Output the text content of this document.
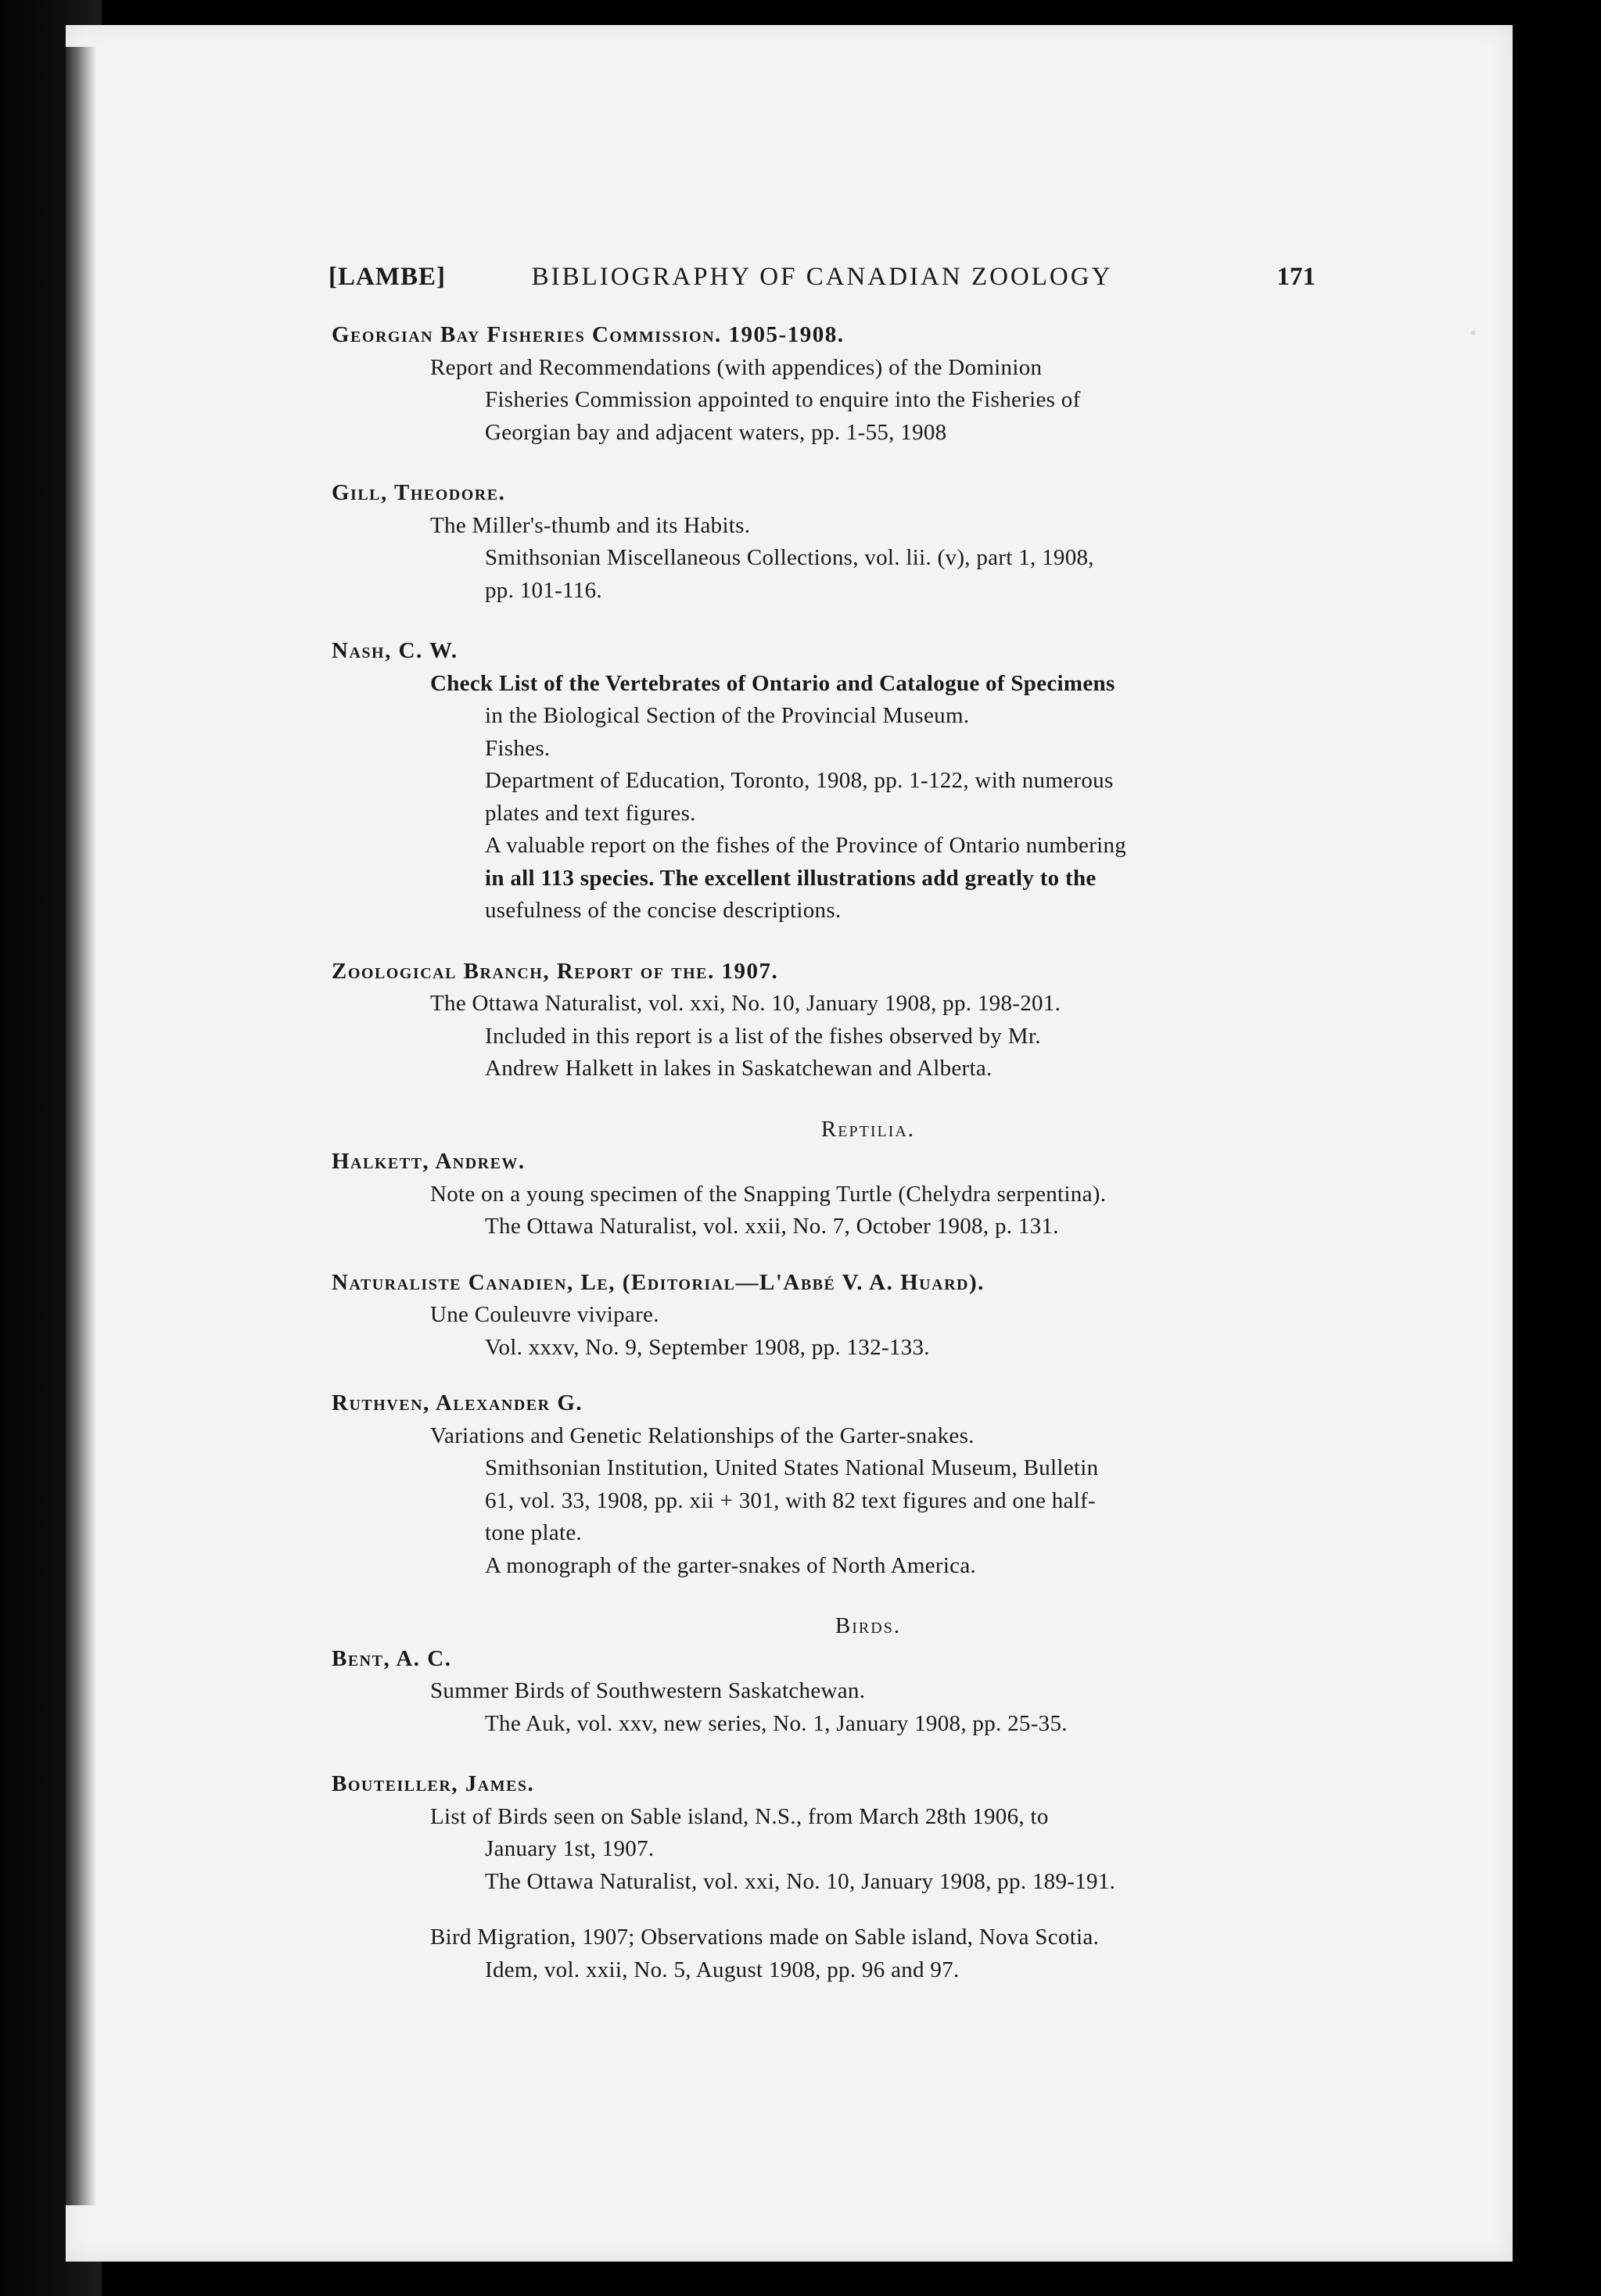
•
[LAMBE]	BIBLIOGRAPHY OF CANADIAN ZOOLOGY	171
Georgian Bay Fisheries Commission. 1905-1908.
Report and Recommendations (with appendices) of the Dominion
Fisheries Commission appointed to enquire into the Fisheries of
Georgian bay and adjacent waters, pp. 1-55, 1908
Gill, Theodore.
The Miller's-thumb and its Habits.
Smithsonian Miscellaneous Collections, vol. lii. (v), part 1, 1908,
pp. 101-116.
Nash, C. W.
Check List of the Vertebrates of Ontario and Catalogue of Specimens
in the Biological Section of the Provincial Museum.
Fishes.
Department of Education, Toronto, 1908, pp. 1-122, with numerous
plates and text figures.
A valuable report on the fishes of the Province of Ontario numbering
in all 113 species. The excellent illustrations add greatly to the
usefulness of the concise descriptions.
Zoological Branch, Report of the. 1907.
The Ottawa Naturalist, vol. xxi, No. 10, January 1908, pp. 198-201.
Included in this report is a list of the fishes observed by Mr.
Andrew Halkett in lakes in Saskatchewan and Alberta.
Reptilia.
Halkett, Andrew.
Note on a young specimen of the Snapping Turtle (Chelydra serpentina).
The Ottawa Naturalist, vol. xxii, No. 7, October 1908, p. 131.
Naturaliste Canadien, Le, (Editorial—L'Abbé V. A. Huard).
Une Couleuvre vivipare.
Vol. xxxv, No. 9, September 1908, pp. 132-133.
Ruthven, Alexander G.
Variations and Genetic Relationships of the Garter-snakes.
Smithsonian Institution, United States National Museum, Bulletin
61, vol. 33, 1908, pp. xii + 301, with 82 text figures and one half-
tone plate.
A monograph of the garter-snakes of North America.
Birds.
Bent, A. C.
Summer Birds of Southwestern Saskatchewan.
The Auk, vol. xxv, new series, No. 1, January 1908, pp. 25-35.
Bouteiller, James.
List of Birds seen on Sable island, N.S., from March 28th 1906, to
January 1st, 1907.
The Ottawa Naturalist, vol. xxi, No. 10, January 1908, pp. 189-191.
Bird Migration, 1907; Observations made on Sable island, Nova Scotia.
Idem, vol. xxii, No. 5, August 1908, pp. 96 and 97.
